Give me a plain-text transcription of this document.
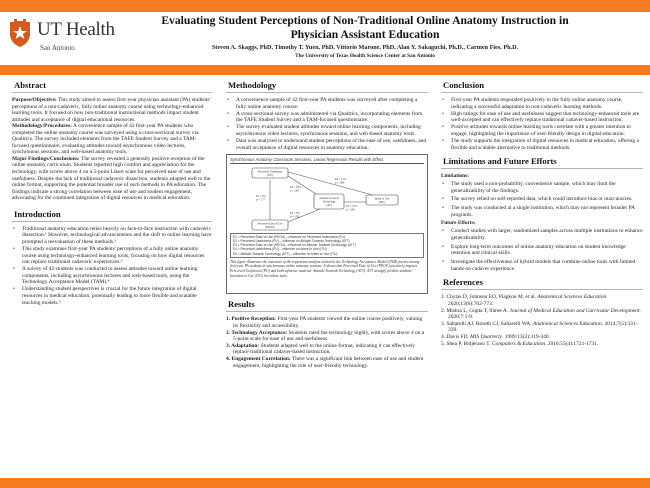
UT Health
San Antonio
Evaluating Student Perceptions of Non-Traditional Online Anatomy Instruction in
Physician Assistant Education
Steven A. Skaggs, PhD, Timothy T. Yuen, PhD, Vittorio Marone, PhD, Alan Y. Sakaguchi, Ph.D., Carmen Fies, Ph.D.
The University of Texas Health Science Center at San Antonio
Abstract

Purpose/Objective: This study aimed to assess first-year physician assistant (PA) students' perceptions of a non-cadaveric, fully online anatomy course using technology-enhanced learning tools. It focused on how non-traditional instructional methods impact student attitudes and acceptance of digital educational resources.
Methodology/Procedures: A convenience sample of 42 first-year PA students who completed the online anatomy course was surveyed using a cross-sectional survey via Qualtrics. The survey included elements from the TAFE Student Survey and a TAM-focused questionnaire, evaluating attitudes toward asynchronous video lectures, synchronous sessions, and web-based anatomy tools.
Major Findings/Conclusions: The survey revealed a generally positive reception of the online anatomy curriculum. Students reported high comfort and appreciation for the technology, with scores above 4 on a 5-point Likert scale for perceived ease of use and usefulness. Despite the lack of traditional cadaveric dissection, students adapted well to the online format, supporting the potential broader use of such methods in PA education. The findings indicate a strong correlation between ease of use and student engagement, advocating for the continued integration of digital resources in medical education.

Introduction
• Traditional anatomy education relies heavily on face-to-face instruction with cadaveric dissection.¹ However, technological advancements and the shift to online learning have prompted a reevaluation of these methods.²
• This study examines first-year PA students' perceptions of a fully online anatomy course using technology-enhanced learning tools, focusing on how digital resources can replace traditional cadaveric experiences.³
• A survey of 42 students was conducted to assess attitudes toward online learning components, including asynchronous lectures and web-based tools, using the Technology Acceptance Model (TAM).⁴
• Understanding student perspectives is crucial for the future integration of digital resources in medical education, potentially leading to more flexible and scalable teaching models.⁵
Methodology
• A convenience sample of 42 first-year PA students was surveyed after completing a fully online anatomy course.
• A cross-sectional survey was administered via Qualtrics, incorporating elements from the TAFE Student Survey and a TAM-focused questionnaire.
• The survey evaluated student attitudes toward online learning components, including asynchronous video lectures, synchronous sessions, and web-based anatomy tools.
• Data was analyzed to understand student perceptions of the ease of use, usefulness, and overall acceptance of digital resources in anatomy education.
Synchronous Anatomy Classroom Sessions, Linear Regression Results with Effect
Perceived Usefulness
(PU)
Attitude Towards
Technology
(AT)
Intent to Use
(ITU)
Perceived Ease of Use
(PEOU)
E1 = 4%
p = .177
E2 = 63%
p < .001
E3 = 9%
p = .050
E4 = 17%
p = .006
E5 = 57%
p < .001
E1 = Perceived Ease of Use (PEOU) – influence on Perceived Usefulness (PU)
E2 = Perceived Usefulness (PU) – influence on Attitude Towards Technology (ATT)
E3 = Perceived Ease of Use (PEOU) – influence on Attitude Towards Technology (ATT)
E4 = Perceived Usefulness (PU) – influence on Intent to Use (ITU)
E5 = Attitude Towards Technology (ATT) – influence on Intent to Use (ITU)
This figure illustrates the outcomes of the regression analysis related to the Technology Acceptance Model (TAM) factors among first-year PA students in synchronous online anatomy sessions. It shows that Perceived Ease of Use (PEOU) positively impacts Perceived Usefulness (PU) and both influence students' Attitude Towards Technology (ATT). ATT strongly predicts students' Intention to Use (ITU) the online tools.
Results
1. Positive Reception: First-year PA students viewed the online course positively, valuing its flexibility and accessibility.
2. Technology Acceptance: Students rated the technology highly, with scores above 4 on a 5-point scale for ease of use and usefulness.
3. Adaptation: Students adapted well to the online format, indicating it can effectively replace traditional cadaver-based instruction.
4. Engagement Correlation: There was a significant link between ease of use and student engagement, highlighting the role of user-friendly technology.
Conclusion
• First-year PA students responded positively to the fully online anatomy course, indicating a successful adaptation to non-cadaveric learning methods.
• High ratings for ease of use and usefulness suggest that technology-enhanced tools are well-accepted and can effectively replace traditional cadaver-based instruction.
• Positive attitudes towards online learning tools correlate with a greater intention to engage, highlighting the importance of user-friendly design in digital education.
• The study supports the integration of digital resources in medical education, offering a flexible and scalable alternative to traditional methods.
Limitations and Future Efforts
Limitations:
• The study used a non-probability, convenience sample, which may limit the generalizability of the findings.
• The survey relied on self-reported data, which could introduce bias or inaccuracies.
• The study was conducted at a single institution, which may not represent broader PA programs.
Future Efforts:
• Conduct studies with larger, randomized samples across multiple institutions to enhance generalizability.
• Explore long-term outcomes of online anatomy education on student knowledge retention and clinical skills.
• Investigate the effectiveness of hybrid models that combine online tools with limited hands-on cadaver experience.
References
1. Chytas D, Johnson EO, Piagkou M, et al. Anatomical Sciences Education. 2020;13(6):762-773.
2. Mishra L, Gupta T, Shree A. Journal of Medical Education and Curricular Development. 2020;7:1-9.
3. Saltarelli AJ, Roseth CJ, Saltarelli WA. Anatomical Sciences Education. 2014;7(5):331-339.
4. Davis FD. MIS Quarterly. 1989;13(3):319-340.
5. Shea P, Bidjerano T. Computers & Education. 2010;55(4):1721-1731.
